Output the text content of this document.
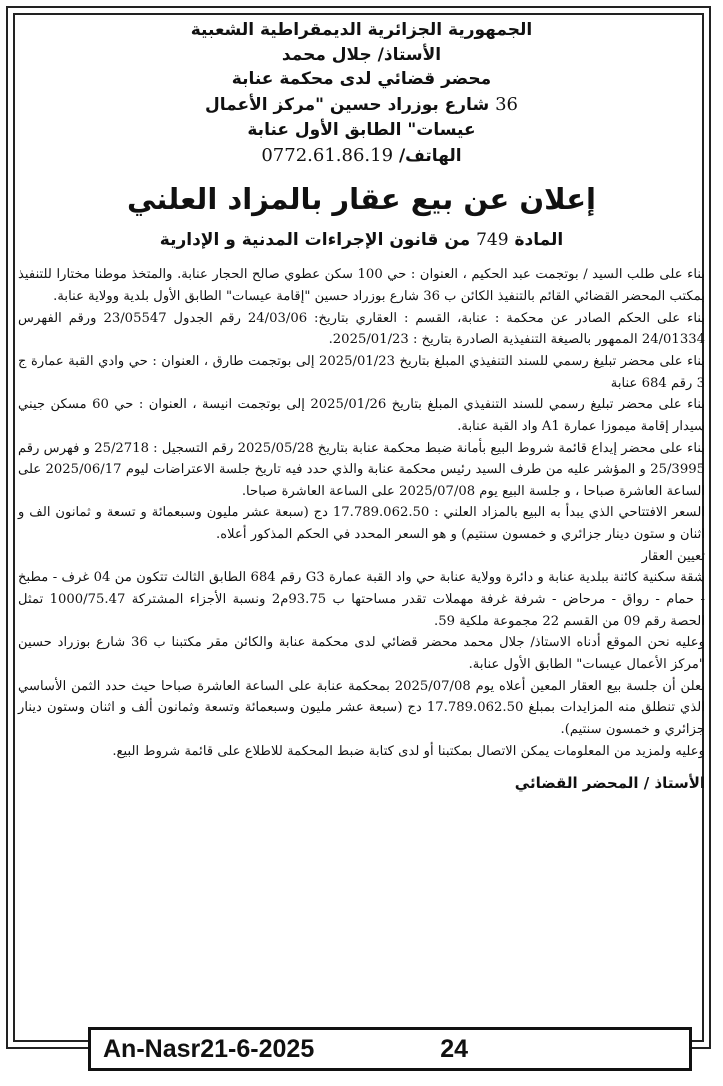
الجمهورية الجزائرية الديمقراطية الشعبية

الأستاذ/ جلال محمد

محضر قضائي لدى محكمة عنابة

36 شارع بوزراد حسين "مركز الأعمال

عيسات" الطابق الأول عنابة

الهاتف/ 0772.61.86.19

إعلان عن بيع عقار بالمزاد العلني
المادة 749 من قانون الإجراءات المدنية و الإدارية

بناء على طلب السيد / بوتجمت عبد الحكيم ، العنوان : حي 100 سكن عطوي صالح الحجار عنابة. والمتخذ موطنا مختارا للتنفيذ بمكتب المحضر القضائي القائم بالتنفيذ الكائن ب 36 شارع بوزراد حسين "إقامة عيسات" الطابق الأول بلدية وولاية عنابة.

بناء على الحكم الصادر عن محكمة : عنابة، القسم : العقاري بتاريخ: 24/03/06 رقم الجدول 23/05547 ورقم الفهرس 24/01334 الممهور بالصيغة التنفيذية الصادرة بتاريخ : 2025/01/23.

بناء على محضر تبليغ رسمي للسند التنفيذي المبلغ بتاريخ 2025/01/23 إلى بوتجمت طارق ، العنوان : حي وادي القبة عمارة ج 3 رقم 684 عنابة

بناء على محضر تبليغ رسمي للسند التنفيذي المبلغ بتاريخ 2025/01/26 إلى بوتجمت انيسة ، العنوان : حي 60 مسكن جيني سيدار إقامة ميموزا عمارة A1 واد القبة عنابة.

بناء على محضر إيداع قائمة شروط البيع بأمانة ضبط محكمة عنابة بتاريخ 2025/05/28 رقم التسجيل : 25/2718 و فهرس رقم 25/3995 و المؤشر عليه من طرف السيد رئيس محكمة عنابة والذي حدد فيه تاريخ جلسة الاعتراضات ليوم 2025/06/17 على الساعة العاشرة صباحا ، و جلسة البيع يوم 2025/07/08 على الساعة العاشرة صباحا.

السعر الافتتاحي الذي يبدأ به البيع بالمزاد العلني : 17.789.062.50 دج (سبعة عشر مليون وسبعمائة و تسعة و ثمانون الف و اثنان و ستون دينار جزائري و خمسون سنتيم) و هو السعر المحدد في الحكم المذكور أعلاه.

تعيين العقار

شقة سكنية كائنة ببلدية عنابة و دائرة وولاية عنابة حي واد القبة عمارة G3 رقم 684 الطابق الثالث تتكون من 04 غرف - مطبخ - حمام - رواق - مرحاض - شرفة غرفة مهملات تقدر مساحتها ب 93.75م2 ونسبة الأجزاء المشتركة 1000/75.47 تمثل الحصة رقم 09 من القسم 22 مجموعة ملكية 59.

وعليه نحن الموقع أدناه الاستاذ/ جلال محمد محضر قضائي لدى محكمة عنابة والكائن مقر مكتبنا ب 36 شارع بوزراد حسين "مركز الأعمال عيسات" الطابق الأول عنابة.

نعلن أن جلسة بيع العقار المعين أعلاه يوم 2025/07/08 بمحكمة عنابة على الساعة العاشرة صباحا حيث حدد الثمن الأساسي الذي تنطلق منه المزايدات بمبلغ 17.789.062.50 دج (سبعة عشر مليون وسبعمائة وتسعة وثمانون ألف و اثنان وستون دينار جزائري و خمسون سنتيم).

وعليه ولمزيد من المعلومات يمكن الاتصال بمكتبنا أو لدى كتابة ضبط المحكمة للاطلاع على قائمة شروط البيع.

الأستاذ / المحضر القضائي
An-Nasr21-6-2025	24
